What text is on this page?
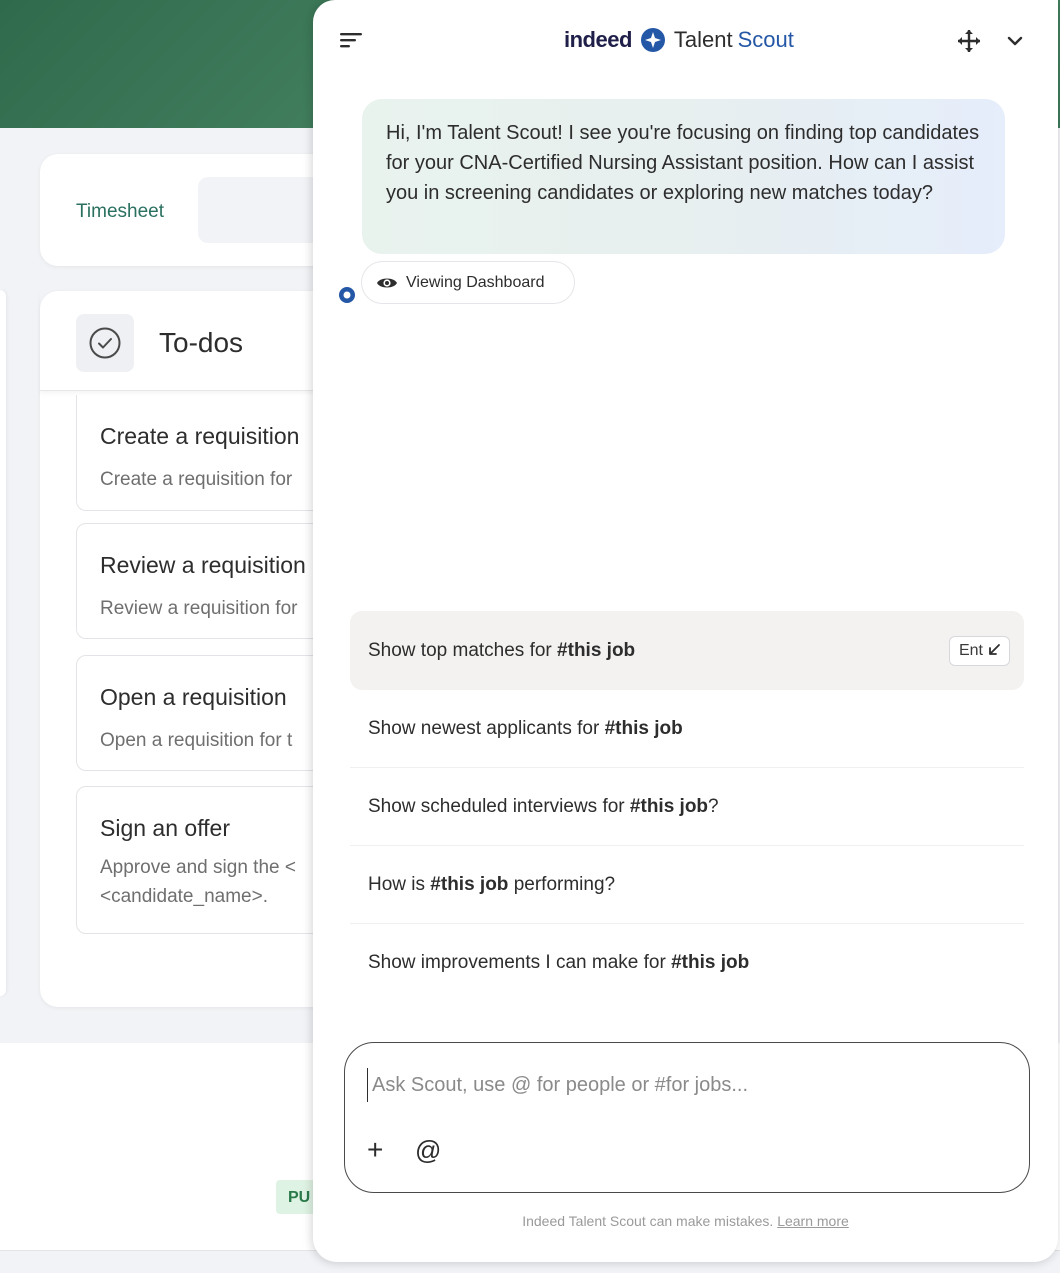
Timesheet
To-dos
Create a requisition
Create a requisition for
Review a requisition
Review a requisition for
Open a requisition
Open a requisition for t
Sign an offer
Approve and sign the < <candidate_name>.
PU
indeed Talent Scout
Hi, I'm Talent Scout! I see you're focusing on finding top candidates for your CNA-Certified Nursing Assistant position. How can I assist you in screening candidates or exploring new matches today?
Viewing Dashboard
Show top matches for #this job	Ent
Show newest applicants for #this job
Show scheduled interviews for #this job?
How is #this job performing?
Show improvements I can make for #this job
Ask Scout, use @ for people or #for jobs...
+	@
Indeed Talent Scout can make mistakes. Learn more
